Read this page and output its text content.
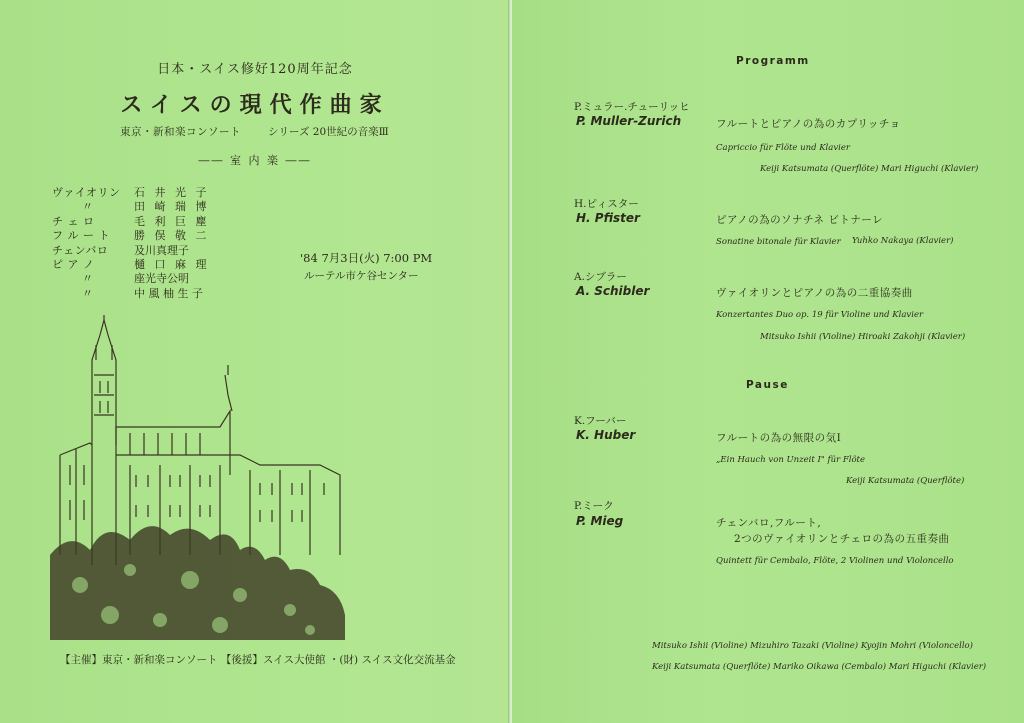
日本・スイス修好120周年記念
スイスの現代作曲家
東京・新和楽コンソート	シリーズ 20世紀の音楽Ⅲ
―― 室 内 楽 ――
ヴァイオリン	石 井 光 子
〃	田 崎 瑞 博
チ ェ ロ	毛 利 巨 塵
フ ル ー ト	勝 俣 敬 二
チェンバロ	及川真理子
ピ ア ノ	樋 口 麻 理
〃	座光寺公明
〃	中 風 柚 生 子
'84 7月3日(火) 7:00 PM
ルーテル市ケ谷センター
【主催】東京・新和楽コンソート 【後援】スイス大使館 ・(財) スイス文化交流基金
Programm
P.ミュラー.チューリッヒ
P. Muller-Zurich	フルートとピアノの為のカプリッチョ
Capriccio für Flöte und Klavier
Keiji Katsumata (Querflöte) Mari Higuchi (Klavier)
H.ピィスター
H. Pfister	ピアノの為のソナチネ ビトナーレ
Sonatine bitonale für Klavier Yuhko Nakaya (Klavier)
A.シブラー
A. Schibler	ヴァイオリンとピアノの為の二重協奏曲
Konzertantes Duo op. 19 für Violine und Klavier
Mitsuko Ishii (Violine) Hiroaki Zakohji (Klavier)
Pause
K.フーバー
K. Huber	フルートの為の無限の気Ⅰ
„Ein Hauch von Unzeit I" für Flöte
Keiji Katsumata (Querflöte)
P.ミーク
P. Mieg	チェンバロ,フルート,
2つのヴァイオリンとチェロの為の五重奏曲
Quintett für Cembalo, Flöte, 2 Violinen und Violoncello
Mitsuko Ishii (Violine) Mizuhiro Tazaki (Violine) Kyojin Mohri (Violoncello)
Keiji Katsumata (Querflöte) Mariko Oikawa (Cembalo) Mari Higuchi (Klavier)
